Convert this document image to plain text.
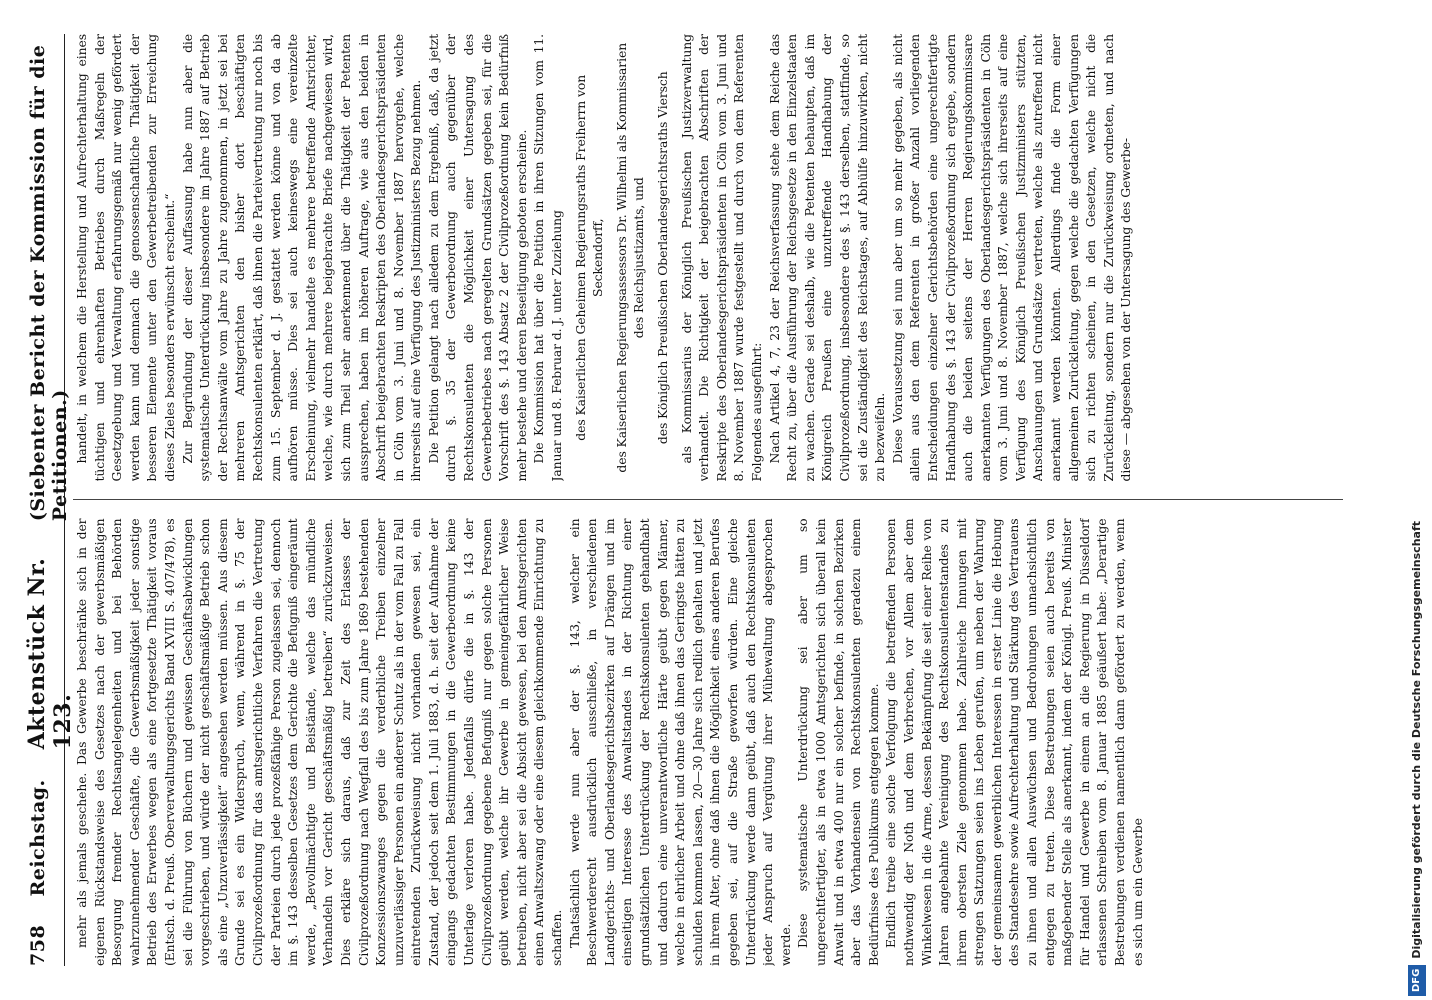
758
Reichstag.
Aktenstück Nr. 123.
(Siebenter Bericht der Kommission für die Petitionen.)

mehr als jemals geschehe. Das Gewerbe beschränke sich in der eigenen Rückstandsweise des Gesetzes nach der gewerbsmäßigen Besorgung fremder Rechtsangelegenheiten und bei Behörden wahrzunehmender Geschäfte, die Gewerbsmäßigkeit jeder sonstige Betrieb des Erwerbes wegen als eine fortgesetzte Thätigkeit voraus (Entsch. d. Preuß. Oberverwaltungsgerichts Band XVIII S. 407/478), es sei die Führung von Büchern und gewissen Geschäftsabwicklungen vorgeschrieben, und würde der nicht geschäftsmäßige Betrieb schon als eine „Unzuverlässigkeit“ angesehen werden müssen. Aus diesem Grunde sei es ein Widerspruch, wenn, während in §. 75 der Civilprozeßordnung für das amtsgerichtliche Verfahren die Vertretung der Parteien durch jede prozeßfähige Person zugelassen sei, dennoch im §. 143 desselben Gesetzes dem Gerichte die Befugniß eingeräumt werde, „Bevollmächtigte und Beistände, welche das mündliche Verhandeln vor Gericht geschäftsmäßig betreiben“ zurückzuweisen. Dies erkläre sich daraus, daß zur Zeit des Erlasses der Civilprozeßordnung nach Wegfall des bis zum Jahre 1869 bestehenden Konzessionszwanges gegen die verderbliche Treiben einzelner unzuverlässiger Personen ein anderer Schutz als in der vom Fall zu Fall eintretenden Zurückweisung nicht vorhanden gewesen sei, ein Zustand, der jedoch seit dem 1. Juli 1883, d. h. seit der Aufnahme der eingangs gedachten Bestimmungen in die Gewerbeordnung keine Unterlage verloren habe. Jedenfalls dürfe die in §. 143 der Civilprozeßordnung gegebene Befugniß nur gegen solche Personen geübt werden, welche ihr Gewerbe in gemeingefährlicher Weise betreiben, nicht aber sei die Absicht gewesen, bei den Amtsgerichten einen Anwaltszwang oder eine diesem gleichkommende Einrichtung zu schaffen. Thatsächlich werde nun aber der §. 143, welcher ein Beschwerderecht ausdrücklich ausschließe, in verschiedenen Landgerichts- und Oberlandesgerichtsbezirken auf Drängen und im einseitigen Interesse des Anwaltstandes in der Richtung einer grundsätzlichen Unterdrückung der Rechtskonsulenten gehandhabt und dadurch eine unverantwortliche Härte geübt gegen Männer, welche in ehrlicher Arbeit und ohne daß ihnen das Geringste hätten zu schulden kommen lassen, 20—30 Jahre sich redlich gehalten und jetzt in ihrem Alter, ohne daß ihnen die Möglichkeit eines anderen Berufes gegeben sei, auf die Straße geworfen würden. Eine gleiche Unterdrückung werde dann geübt, daß auch den Rechtskonsulenten jeder Anspruch auf Vergütung ihrer Mühewaltung abgesprochen werde. Diese systematische Unterdrückung sei aber um so ungerechtfertigter, als in etwa 1000 Amtsgerichten sich überall kein Anwalt und in etwa 400 nur ein solcher befinde, in solchen Bezirken aber das Vorhandensein von Rechtskonsulenten geradezu einem Bedürfnisse des Publikums entgegen komme. Endlich treibe eine solche Verfolgung die betreffenden Personen nothwendig der Noth und dem Verbrechen, vor Allem aber dem Winkelwesen in die Arme, dessen Bekämpfung die seit einer Reihe von Jahren angebahnte Vereinigung des Rechtskonsulentenstandes zu ihrem obersten Ziele genommen habe. Zahlreiche Innungen mit strengen Satzungen seien ins Leben gerufen, um neben der Wahrung der gemeinsamen gewerblichen Interessen in erster Linie die Hebung des Standesehre sowie Aufrechterhaltung und Stärkung des Vertrauens zu ihnen und allen Auswüchsen und Bedrohungen unnachsichtlich entgegen zu treten. Diese Bestrebungen seien auch bereits von maßgebender Stelle als anerkannt, indem der Königl. Preuß. Minister für Handel und Gewerbe in einem an die Regierung in Düsseldorf erlassenen Schreiben vom 8. Januar 1885 geäußert habe: „Derartige Bestrebungen verdienen namentlich dann gefördert zu werden, wenn es sich um ein Gewerbe

handelt, in welchem die Herstellung und Aufrechterhaltung eines tüchtigen und ehrenhaften Betriebes durch Maßregeln der Gesetzgebung und Verwaltung erfahrungsgemäß nur wenig gefördert werden kann und demnach die genossenschaftliche Thätigkeit der besseren Elemente unter den Gewerbetreibenden zur Erreichung dieses Zieles besonders erwünscht erscheint.“ Zur Begründung der dieser Auffassung habe nun aber die systematische Unterdrückung insbesondere im Jahre 1887 auf Betrieb der Rechtsanwälte vom Jahre zu Jahre zugenommen, in jetzt sei bei mehreren Amtsgerichten den bisher dort beschäftigten Rechtskonsulenten erklärt, daß ihnen die Parteivertretung nur noch bis zum 15. September d. J. gestattet werden könne und von da ab aufhören müsse. Dies sei auch keineswegs eine vereinzelte Erscheinung, vielmehr handelte es mehrere betreffende Amtsrichter, welche, wie durch mehrere beigebrachte Briefe nachgewiesen wird, sich zum Theil sehr anerkennend über die Thätigkeit der Petenten aussprechen, haben im höheren Auftrage, wie aus den beiden in Abschrift beigebrachten Reskripten des Oberlandesgerichtspräsidenten in Cöln vom 3. Juni und 8. November 1887 hervorgehe, welche ihrerseits auf eine Verfügung des Justizministers Bezug nehmen. Die Petition gelangt nach alledem zu dem Ergebniß, daß, da jetzt durch §. 35 der Gewerbeordnung auch gegenüber der Rechtskonsulenten die Möglichkeit einer Untersagung des Gewerbebetriebes nach geregelten Grundsätzen gegeben sei, für die Vorschrift des §. 143 Absatz 2 der Civilprozeßordnung kein Bedürfniß mehr bestehe und deren Beseitigung geboten erscheine. Die Kommission hat über die Petition in ihren Sitzungen vom 11. Januar und 8. Februar d. J. unter Zuziehung des Kaiserlichen Geheimen Regierungsraths Freiherrn von Seckendorff, des Kaiserlichen Regierungsassessors Dr. Wilhelmi als Kommissarien des Reichsjustizamts, und des Königlich Preußischen Oberlandesgerichtsraths Viersch als Kommissarius der Königlich Preußischen Justizverwaltung verhandelt. Die Richtigkeit der beigebrachten Abschriften der Reskripte des Oberlandesgerichtspräsidenten in Cöln vom 3. Juni und 8. November 1887 wurde festgestellt und durch von dem Referenten Folgendes ausgeführt: Nach Artikel 4, 7, 23 der Reichsverfassung stehe dem Reiche das Recht zu, über die Ausführung der Reichsgesetze in den Einzelstaaten zu wachen. Gerade sei deshalb, wie die Petenten behaupten, daß im Königreich Preußen eine unzutreffende Handhabung der Civilprozeßordnung, insbesondere des §. 143 derselben, stattfinde, so sei die Zuständigkeit des Reichstages, auf Abhülfe hinzuwirken, nicht zu bezweifeln. Diese Voraussetzung sei nun aber um so mehr gegeben, als nicht allein aus den dem Referenten in großer Anzahl vorliegenden Entscheidungen einzelner Gerichtsbehörden eine ungerechtfertigte Handhabung des §. 143 der Civilprozeßordnung sich ergebe, sondern auch die beiden seitens der Herren Regierungskommissare anerkannten Verfügungen des Oberlandesgerichtspräsidenten in Cöln vom 3. Juni und 8. November 1887, welche sich ihrerseits auf eine Verfügung des Königlich Preußischen Justizministers stützten, Anschauungen und Grundsätze vertreten, welche als zutreffend nicht anerkannt werden könnten. Allerdings finde die Form einer allgemeinen Zurückleitung, gegen welche die gedachten Verfügungen sich zu richten scheinen, in den Gesetzen, welche nicht die Zurückleitung, sondern nur die Zurückweisung ordneten, und nach diese — abgesehen von der Untersagung des Gewerbe-

DFG
Digitalisierung gefördert durch die Deutsche Forschungsgemeinschaft
